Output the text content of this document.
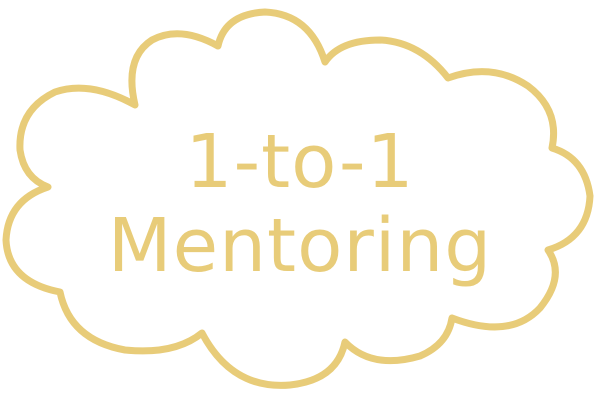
1-to-1
Mentoring
